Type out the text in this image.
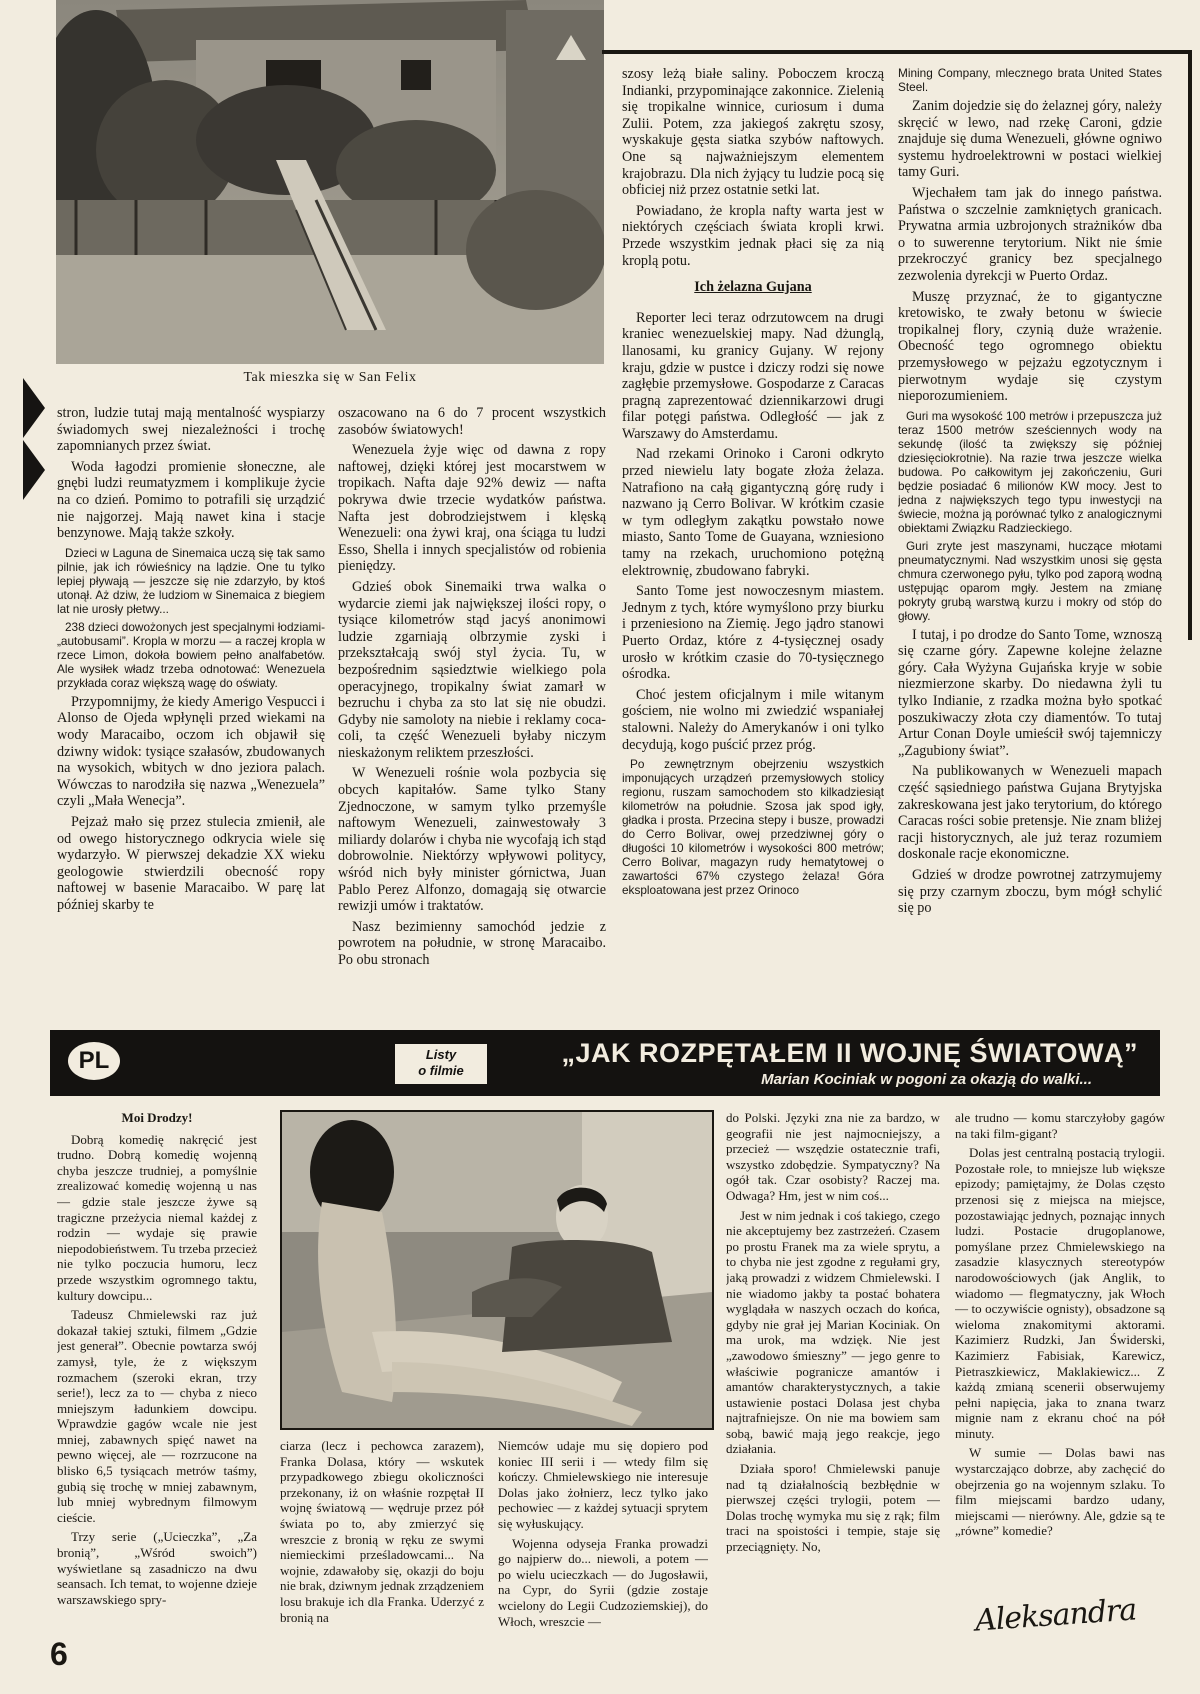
Tak mieszka się w San Felix

stron, ludzie tutaj mają mentalność wyspiarzy świadomych swej niezależności i trochę zapomnianych przez świat.

Woda łagodzi promienie słoneczne, ale gnębi ludzi reumatyzmem i komplikuje życie na co dzień. Pomimo to potrafili się urządzić nie najgorzej. Mają nawet kina i stacje benzynowe. Mają także szkoły.

Dzieci w Laguna de Sinemaica uczą się tak samo pilnie, jak ich rówieśnicy na lądzie. One tu tylko lepiej pływają — jeszcze się nie zdarzyło, by ktoś utonął. Aż dziw, że ludziom w Sinemaica z biegiem lat nie urosły płetwy...

238 dzieci dowożonych jest specjalnymi łodziami-„autobusami”. Kropla w morzu — a raczej kropla w rzece Limon, dokoła bowiem pełno analfabetów. Ale wysiłek władz trzeba odnotować: Wenezuela przykłada coraz większą wagę do oświaty.

Przypomnijmy, że kiedy Amerigo Vespucci i Alonso de Ojeda wpłynęli przed wiekami na wody Maracaibo, oczom ich objawił się dziwny widok: tysiące szałasów, zbudowanych na wysokich, wbitych w dno jeziora palach. Wówczas to narodziła się nazwa „Wenezuela” czyli „Mała Wenecja”.

Pejzaż mało się przez stulecia zmienił, ale od owego historycznego odkrycia wiele się wydarzyło. W pierwszej dekadzie XX wieku geologowie stwierdzili obecność ropy naftowej w basenie Maracaibo. W parę lat później skarby te

oszacowano na 6 do 7 procent wszystkich zasobów światowych!

Wenezuela żyje więc od dawna z ropy naftowej, dzięki której jest mocarstwem w tropikach. Nafta daje 92% dewiz — nafta pokrywa dwie trzecie wydatków państwa. Nafta jest dobrodziejstwem i klęską Wenezueli: ona żywi kraj, ona ściąga tu ludzi Esso, Shella i innych specjalistów od robienia pieniędzy.

Gdzieś obok Sinemaiki trwa walka o wydarcie ziemi jak największej ilości ropy, o tysiące kilometrów stąd jacyś anonimowi ludzie zgarniają olbrzymie zyski i przekształcają swój styl życia. Tu, w bezpośrednim sąsiedztwie wielkiego pola operacyjnego, tropikalny świat zamarł w bezruchu i chyba za sto lat się nie obudzi. Gdyby nie samoloty na niebie i reklamy coca-coli, ta część Wenezueli byłaby niczym nieskażonym reliktem przeszłości.

W Wenezueli rośnie wola pozbycia się obcych kapitałów. Same tylko Stany Zjednoczone, w samym tylko przemyśle naftowym Wenezueli, zainwestowały 3 miliardy dolarów i chyba nie wycofają ich stąd dobrowolnie. Niektórzy wpływowi politycy, wśród nich były minister górnictwa, Juan Pablo Perez Alfonzo, domagają się otwarcie rewizji umów i traktatów.

Nasz bezimienny samochód jedzie z powrotem na południe, w stronę Maracaibo. Po obu stronach

szosy leżą białe saliny. Poboczem kroczą Indianki, przypominające zakonnice. Zielenią się tropikalne winnice, curiosum i duma Zulii. Potem, zza jakiegoś zakrętu szosy, wyskakuje gęsta siatka szybów naftowych. One są najważniejszym elementem krajobrazu. Dla nich żyjący tu ludzie pocą się obficiej niż przez ostatnie setki lat.

Powiadano, że kropla nafty warta jest w niektórych częściach świata kropli krwi. Przede wszystkim jednak płaci się za nią kroplą potu.

Ich żelazna Gujana

Reporter leci teraz odrzutowcem na drugi kraniec wenezuelskiej mapy. Nad dżunglą, llanosami, ku granicy Gujany. W rejony kraju, gdzie w pustce i dziczy rodzi się nowe zagłębie przemysłowe. Gospodarze z Caracas pragną zaprezentować dziennikarzowi drugi filar potęgi państwa. Odległość — jak z Warszawy do Amsterdamu.

Nad rzekami Orinoko i Caroni odkryto przed niewielu laty bogate złoża żelaza. Natrafiono na całą gigantyczną górę rudy i nazwano ją Cerro Bolivar. W krótkim czasie w tym odległym zakątku powstało nowe miasto, Santo Tome de Guayana, wzniesiono tamy na rzekach, uruchomiono potężną elektrownię, zbudowano fabryki.

Santo Tome jest nowoczesnym miastem. Jednym z tych, które wymyślono przy biurku i przeniesiono na Ziemię. Jego jądro stanowi Puerto Ordaz, które z 4-tysięcznej osady urosło w krótkim czasie do 70-tysięcznego ośrodka.

Choć jestem oficjalnym i mile witanym gościem, nie wolno mi zwiedzić wspaniałej stalowni. Należy do Amerykanów i oni tylko decydują, kogo puścić przez próg.

Po zewnętrznym obejrzeniu wszystkich imponujących urządzeń przemysłowych stolicy regionu, ruszam samochodem sto kilkadziesiąt kilometrów na południe. Szosa jak spod igły, gładka i prosta. Przecina stepy i busze, prowadzi do Cerro Bolivar, owej przedziwnej góry o długości 10 kilometrów i wysokości 800 metrów; Cerro Bolivar, magazyn rudy hematytowej o zawartości 67% czystego żelaza! Góra eksploatowana jest przez Orinoco

Mining Company, mlecznego brata United States Steel.

Zanim dojedzie się do żelaznej góry, należy skręcić w lewo, nad rzekę Caroni, gdzie znajduje się duma Wenezueli, główne ogniwo systemu hydroelektrowni w postaci wielkiej tamy Guri.

Wjechałem tam jak do innego państwa. Państwa o szczelnie zamkniętych granicach. Prywatna armia uzbrojonych strażników dba o to suwerenne terytorium. Nikt nie śmie przekroczyć granicy bez specjalnego zezwolenia dyrekcji w Puerto Ordaz.

Muszę przyznać, że to gigantyczne kretowisko, te zwały betonu w świecie tropikalnej flory, czynią duże wrażenie. Obecność tego ogromnego obiektu przemysłowego w pejzażu egzotycznym i pierwotnym wydaje się czystym nieporozumieniem.

Guri ma wysokość 100 metrów i przepuszcza już teraz 1500 metrów sześciennych wody na sekundę (ilość ta zwiększy się później dziesięciokrotnie). Na razie trwa jeszcze wielka budowa. Po całkowitym jej zakończeniu, Guri będzie posiadać 6 milionów KW mocy. Jest to jedna z największych tego typu inwestycji na świecie, można ją porównać tylko z analogicznymi obiektami Związku Radzieckiego.

Guri zryte jest maszynami, huczące młotami pneumatycznymi. Nad wszystkim unosi się gęsta chmura czerwonego pyłu, tylko pod zaporą wodną ustępując oparom mgły. Jestem na zmianę pokryty grubą warstwą kurzu i mokry od stóp do głowy.

I tutaj, i po drodze do Santo Tome, wznoszą się czarne góry. Zapewne kolejne żelazne góry. Cała Wyżyna Gujańska kryje w sobie niezmierzone skarby. Do niedawna żyli tu tylko Indianie, z rzadka można było spotkać poszukiwaczy złota czy diamentów. To tutaj Artur Conan Doyle umieścił swój tajemniczy „Zagubiony świat”.

Na publikowanych w Wenezueli mapach część sąsiedniego państwa Gujana Brytyjska zakreskowana jest jako terytorium, do którego Caracas rości sobie pretensje. Nie znam bliżej racji historycznych, ale już teraz rozumiem doskonale racje ekonomiczne.

Gdzieś w drodze powrotnej zatrzymujemy się przy czarnym zboczu, bym mógł schylić się po

PL	Listy
o filmie
„JAK ROZPĘTAŁEM II WOJNĘ ŚWIATOWĄ”
Marian Kociniak w pogoni za okazją do walki...

Moi Drodzy!

Dobrą komedię nakręcić jest trudno. Dobrą komedię wojenną chyba jeszcze trudniej, a pomyślnie zrealizować komedię wojenną u nas — gdzie stale jeszcze żywe są tragiczne przeżycia niemal każdej z rodzin — wydaje się prawie niepodobieństwem. Tu trzeba przecież nie tylko poczucia humoru, lecz przede wszystkim ogromnego taktu, kultury dowcipu...

Tadeusz Chmielewski raz już dokazał takiej sztuki, filmem „Gdzie jest generał”. Obecnie powtarza swój zamysł, tyle, że z większym rozmachem (szeroki ekran, trzy serie!), lecz za to — chyba z nieco mniejszym ładunkiem dowcipu. Wprawdzie gagów wcale nie jest mniej, zabawnych spięć nawet na pewno więcej, ale — rozrzucone na blisko 6,5 tysiącach metrów taśmy, gubią się trochę w mniej zabawnym, lub mniej wybrednym filmowym cieście.

Trzy serie („Ucieczka”, „Za bronią”, „Wśród swoich”) wyświetlane są zasadniczo na dwu seansach. Ich temat, to wojenne dzieje warszawskiego spry-

ciarza (lecz i pechowca zarazem), Franka Dolasa, który — wskutek przypadkowego zbiegu okoliczności przekonany, iż on właśnie rozpętał II wojnę światową — wędruje przez pół świata po to, aby zmierzyć się wreszcie z bronią w ręku ze swymi niemieckimi prześladowcami... Na wojnie, zdawałoby się, okazji do boju nie brak, dziwnym jednak zrządzeniem losu brakuje ich dla Franka. Uderzyć z bronią na

Niemców udaje mu się dopiero pod koniec III serii i — wtedy film się kończy. Chmielewskiego nie interesuje Dolas jako żołnierz, lecz tylko jako pechowiec — z każdej sytuacji sprytem się wyłuskujący.

Wojenna odyseja Franka prowadzi go najpierw do... niewoli, a potem — po wielu ucieczkach — do Jugosławii, na Cypr, do Syrii (gdzie zostaje wcielony do Legii Cudzoziemskiej), do Włoch, wreszcie —

do Polski. Języki zna nie za bardzo, w geografii nie jest najmocniejszy, a przecież — wszędzie ostatecznie trafi, wszystko zdobędzie. Sympatyczny? Na ogół tak. Czar osobisty? Raczej ma. Odwaga? Hm, jest w nim coś...

Jest w nim jednak i coś takiego, czego nie akceptujemy bez zastrzeżeń. Czasem po prostu Franek ma za wiele sprytu, a to chyba nie jest zgodne z regułami gry, jaką prowadzi z widzem Chmielewski. I nie wiadomo jakby ta postać bohatera wyglądała w naszych oczach do końca, gdyby nie grał jej Marian Kociniak. On ma urok, ma wdzięk. Nie jest „zawodowo śmieszny” — jego genre to właściwie pogranicze amantów i amantów charakterystycznych, a takie ustawienie postaci Dolasa jest chyba najtrafniejsze. On nie ma bowiem sam sobą, bawić mają jego reakcje, jego działania.

Działa sporo! Chmielewski panuje nad tą działalnością bezbłędnie w pierwszej części trylogii, potem — Dolas trochę wymyka mu się z rąk; film traci na spoistości i tempie, staje się przeciągnięty. No,

ale trudno — komu starczyłoby gagów na taki film-gigant?

Dolas jest centralną postacią trylogii. Pozostałe role, to mniejsze lub większe epizody; pamiętajmy, że Dolas często przenosi się z miejsca na miejsce, pozostawiając jednych, poznając innych ludzi. Postacie drugoplanowe, pomyślane przez Chmielewskiego na zasadzie klasycznych stereotypów narodowościowych (jak Anglik, to wiadomo — flegmatyczny, jak Włoch — to oczywiście ognisty), obsadzone są wieloma znakomitymi aktorami. Kazimierz Rudzki, Jan Świderski, Kazimierz Fabisiak, Karewicz, Pietraszkiewicz, Maklakiewicz... Z każdą zmianą scenerii obserwujemy pełni napięcia, jaka to znana twarz mignie nam z ekranu choć na pół minuty.

W sumie — Dolas bawi nas wystarczająco dobrze, aby zachęcić do obejrzenia go na wojennym szlaku. To film miejscami bardzo udany, miejscami — nierówny. Ale, gdzie są te „równe” komedie?

Aleksandra
6
